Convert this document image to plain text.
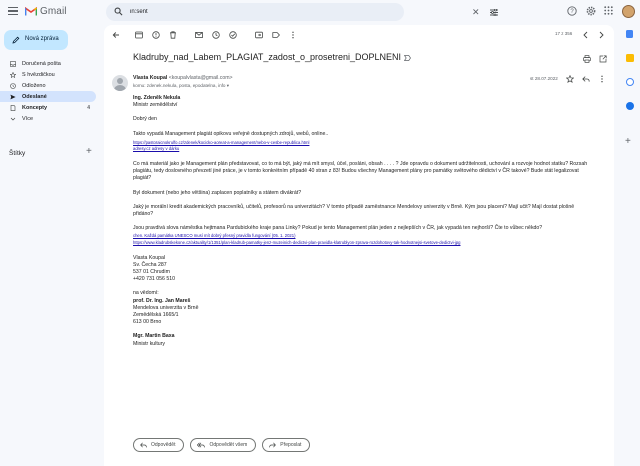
Gmail
in:sent	✕	?
Nová zpráva
Doručená pošta
S hvězdičkou
Odloženo
Odeslané
Koncepty	4
Více
Štítky	+
+
17 z 356
Kladruby_nad_Labem_PLAGIAT_zadost_o_prosetreni_DOPLNENI
Vlasta Koupal <koupalvlasta@gmail.com>
komu: zdenek.nekula, posta, epodatelna, info ▾
st 28.07.2022

Ing. Zdeněk Nekula
Ministr zemědělství

Dobrý den

Takto vypadá Management plagiát opikovu veřejně dostupných zdrojů, webů, online..

https://pastoraicnokrulfo.cz/zdenek/kocicko-aoreat-a-management/nebo-v-cesbe-republica.html
adresy.cz adresy v dárku

Co má materiál jako je Management plán představovat, co to má být, jaký má mít smysl, účel, posláni, obsah . . . . ? Jde opravdu o dokument udržitelnosti, uchování a rozvoje hodnot statku? Rozsah plagiátu, tedy doslovného převzetí jiné práce, je v tomto konkrétním případě 40 stran z 83! Budou všechny Management plány pro památky světového dědictví v ČR takové? Bude stát legalizovat plagiát?

Byl dokument (nebo jeho většina) zaplacen poplatníky a státem divákrát?

Jaký je morální kredit akademických pracovníků, učitelů, profesorů na univerzitách? V tomto případě zaměstnance Mendelovy univerzity v Brně. Kým jsou placeni? Mají učit? Mají dostat plošně přidáno?

Jsou pravdivá slova náměstka hejtmana Pardubického kraje pana Linky? Pokud je tento Management plán jeden z nejlepších v ČR, jak vypadá ten nejhorší? Čte to vůbec někdo?

chen. Každá památka UNESCO musí mít dobrý přesný pravidla fungování (05. 1. 2021)
https://www.kladrubskekone.cz/aktuality/1/1351/plan-kladrub-pamatky-jenz-muzeinich-dedictvi-plan-pravidla-klatrublyon-zprava-rozdohotovy-tak-hodnotnejsi-svetove-dedictvi-jpg

Vlasta Koupal
Sv. Čecha 287
537 01 Chrudim
+420 731 056 510

na vědomí:
prof. Dr. Ing. Jan Mareš
Mendelova univerzita v Brně
Zemědělská 1665/1
613 00 Brno

Mgr. Martin Baxa
Ministr kultury

Odpovědět	Odpovědět všem	Přeposlat
